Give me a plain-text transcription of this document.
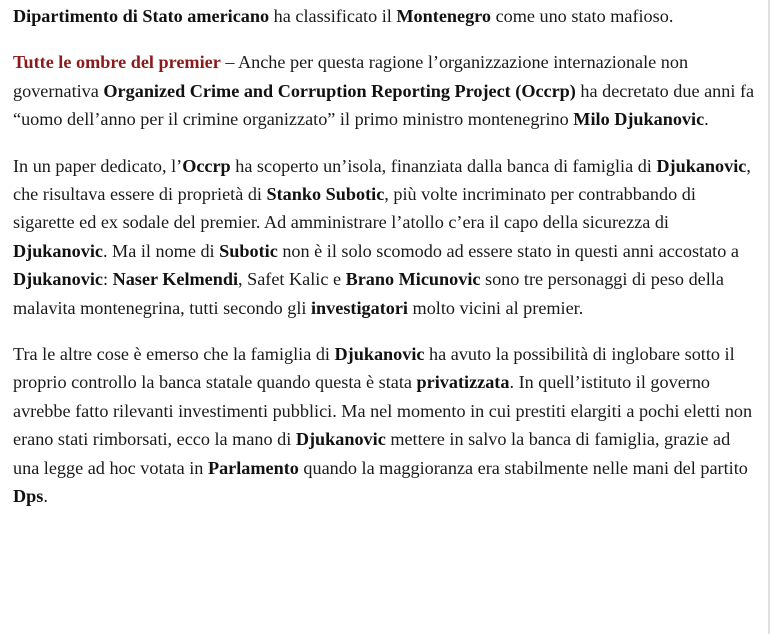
Dipartimento di Stato americano ha classificato il Montenegro come uno stato mafioso.

Tutte le ombre del premier – Anche per questa ragione l’organizzazione internazionale non governativa Organized Crime and Corruption Reporting Project (Occrp) ha decretato due anni fa “uomo dell’anno per il crimine organizzato” il primo ministro montenegrino Milo Djukanovic.

In un paper dedicato, l’Occrp ha scoperto un’isola, finanziata dalla banca di famiglia di Djukanovic, che risultava essere di proprietà di Stanko Subotic, più volte incriminato per contrabbando di sigarette ed ex sodale del premier. Ad amministrare l’atollo c’era il capo della sicurezza di Djukanovic. Ma il nome di Subotic non è il solo scomodo ad essere stato in questi anni accostato a Djukanovic: Naser Kelmendi, Safet Kalic e Brano Micunovic sono tre personaggi di peso della malavita montenegrina, tutti secondo gli investigatori molto vicini al premier.

Tra le altre cose è emerso che la famiglia di Djukanovic ha avuto la possibilità di inglobare sotto il proprio controllo la banca statale quando questa è stata privatizzata. In quell’istituto il governo avrebbe fatto rilevanti investimenti pubblici. Ma nel momento in cui prestiti elargiti a pochi eletti non erano stati rimborsati, ecco la mano di Djukanovic mettere in salvo la banca di famiglia, grazie ad una legge ad hoc votata in Parlamento quando la maggioranza era stabilmente nelle mani del partito Dps.
